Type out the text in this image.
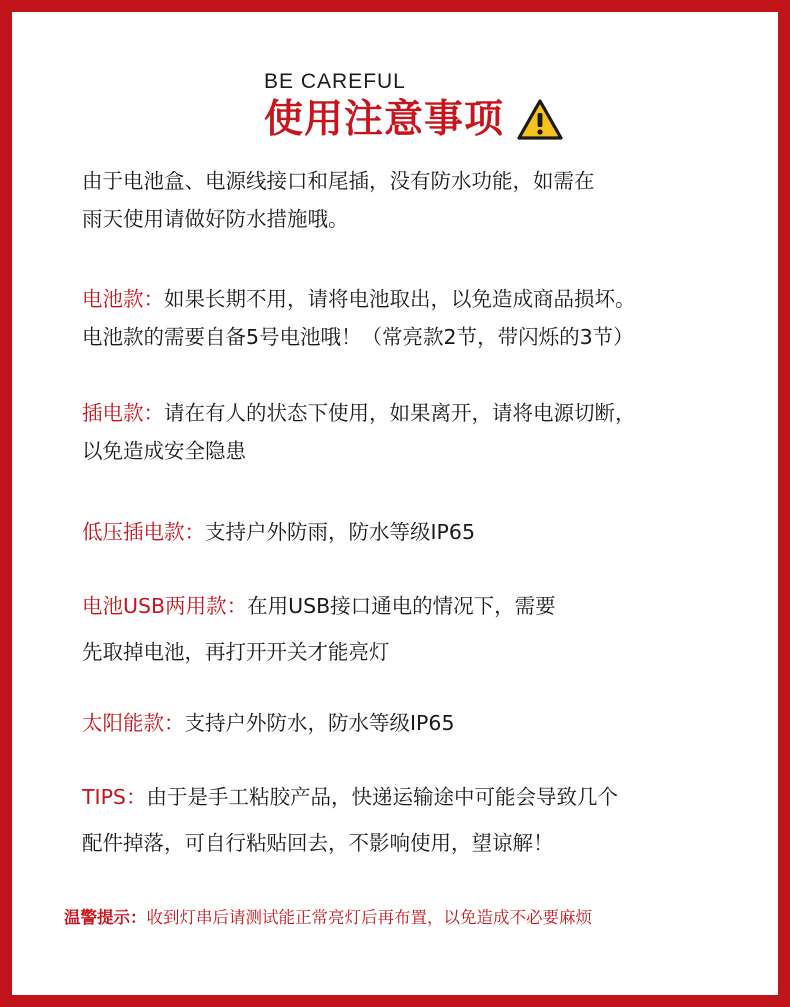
BE CAREFUL
使用注意事项
由于电池盒、电源线接口和尾插，没有防水功能，如需在
雨天使用请做好防水措施哦。
电池款：如果长期不用，请将电池取出，以免造成商品损坏。
电池款的需要自备5号电池哦！（常亮款2节，带闪烁的3节）
插电款：请在有人的状态下使用，如果离开，请将电源切断，
以免造成安全隐患
低压插电款：支持户外防雨，防水等级IP65
电池USB两用款：在用USB接口通电的情况下，需要
先取掉电池，再打开开关才能亮灯
太阳能款：支持户外防水，防水等级IP65
TIPS：由于是手工粘胶产品，快递运输途中可能会导致几个
配件掉落，可自行粘贴回去，不影响使用，望谅解！
温警提示：收到灯串后请测试能正常亮灯后再布置，以免造成不必要麻烦
